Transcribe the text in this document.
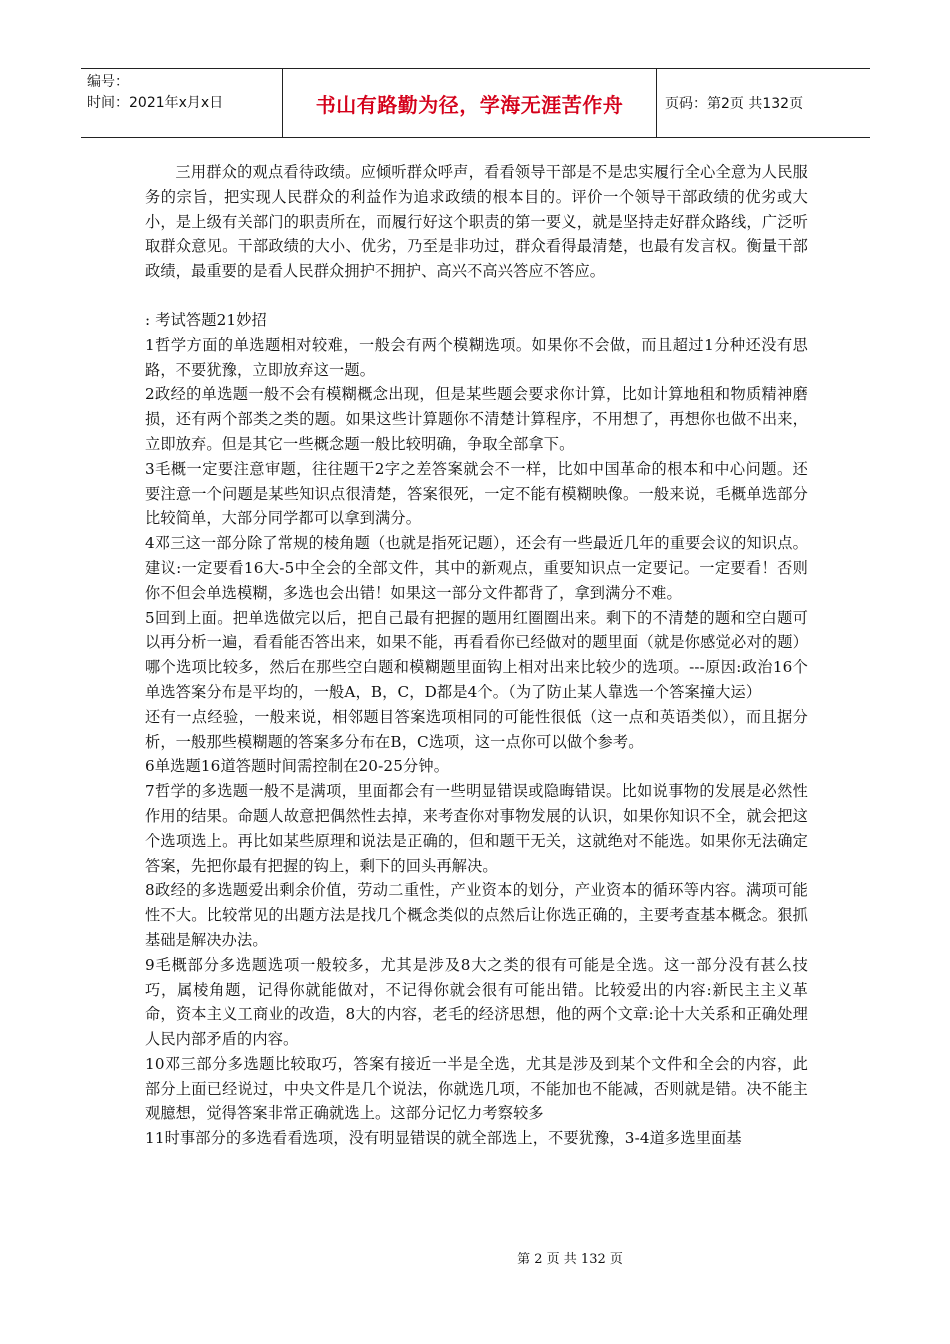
编号：
时间：2021年x月x日	书山有路勤为径，学海无涯苦作舟	页码：第2页 共132页

三用群众的观点看待政绩。应倾听群众呼声，看看领导干部是不是忠实履行全心全意为人民服务的宗旨，把实现人民群众的利益作为追求政绩的根本目的。评价一个领导干部政绩的优劣或大小，是上级有关部门的职责所在，而履行好这个职责的第一要义，就是坚持走好群众路线，广泛听取群众意见。干部政绩的大小、优劣，乃至是非功过，群众看得最清楚，也最有发言权。衡量干部政绩，最重要的是看人民群众拥护不拥护、高兴不高兴答应不答应。

: 考试答题21妙招

1哲学方面的单选题相对较难，一般会有两个模糊选项。如果你不会做，而且超过1分种还没有思路，不要犹豫，立即放弃这一题。

2政经的单选题一般不会有模糊概念出现，但是某些题会要求你计算，比如计算地租和物质精神磨损，还有两个部类之类的题。如果这些计算题你不清楚计算程序，不用想了，再想你也做不出来，立即放弃。但是其它一些概念题一般比较明确，争取全部拿下。

3毛概一定要注意审题，往往题干2字之差答案就会不一样，比如中国革命的根本和中心问题。还要注意一个问题是某些知识点很清楚，答案很死，一定不能有模糊映像。一般来说，毛概单选部分比较简单，大部分同学都可以拿到满分。

4邓三这一部分除了常规的棱角题（也就是指死记题），还会有一些最近几年的重要会议的知识点。建议:一定要看16大-5中全会的全部文件，其中的新观点，重要知识点一定要记。一定要看！否则你不但会单选模糊，多选也会出错！如果这一部分文件都背了，拿到满分不难。

5回到上面。把单选做完以后，把自己最有把握的题用红圈圈出来。剩下的不清楚的题和空白题可以再分析一遍，看看能否答出来，如果不能，再看看你已经做对的题里面（就是你感觉必对的题）哪个选项比较多，然后在那些空白题和模糊题里面钩上相对出来比较少的选项。---原因:政治16个单选答案分布是平均的，一般A，B，C，D都是4个。（为了防止某人靠选一个答案撞大运）

还有一点经验，一般来说，相邻题目答案选项相同的可能性很低（这一点和英语类似），而且据分析，一般那些模糊题的答案多分布在B，C选项，这一点你可以做个参考。

6单选题16道答题时间需控制在20-25分钟。

7哲学的多选题一般不是满项，里面都会有一些明显错误或隐晦错误。比如说事物的发展是必然性作用的结果。命题人故意把偶然性去掉，来考查你对事物发展的认识，如果你知识不全，就会把这个选项选上。再比如某些原理和说法是正确的，但和题干无关，这就绝对不能选。如果你无法确定答案，先把你最有把握的钩上，剩下的回头再解决。

8政经的多选题爱出剩余价值，劳动二重性，产业资本的划分，产业资本的循环等内容。满项可能性不大。比较常见的出题方法是找几个概念类似的点然后让你选正确的，主要考查基本概念。狠抓基础是解决办法。

9毛概部分多选题选项一般较多，尤其是涉及8大之类的很有可能是全选。这一部分没有甚么技巧，属棱角题，记得你就能做对，不记得你就会很有可能出错。比较爱出的内容:新民主主义革命，资本主义工商业的改造，8大的内容，老毛的经济思想，他的两个文章:论十大关系和正确处理人民内部矛盾的内容。

10邓三部分多选题比较取巧，答案有接近一半是全选，尤其是涉及到某个文件和全会的内容，此部分上面已经说过，中央文件是几个说法，你就选几项，不能加也不能减，否则就是错。决不能主观臆想，觉得答案非常正确就选上。这部分记忆力考察较多

11时事部分的多选看看选项，没有明显错误的就全部选上，不要犹豫，3-4道多选里面基

第 2 页 共 132 页
